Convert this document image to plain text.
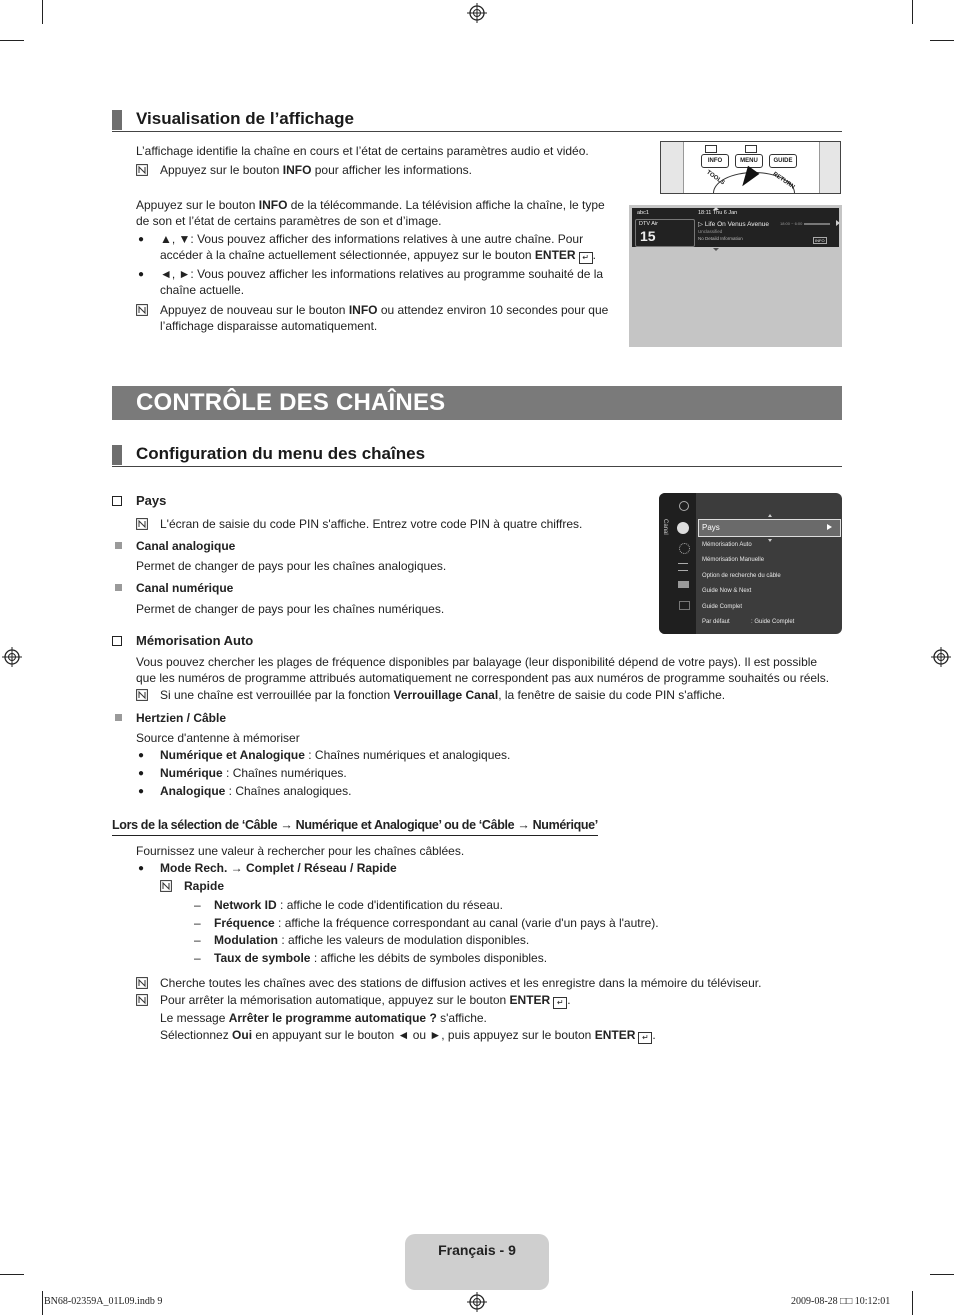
Visualisation de l’affichage
L’affichage identifie la chaîne en cours et l’état de certains paramètres audio et vidéo.
Appuyez sur le bouton INFO pour afficher les informations.
Appuyez sur le bouton INFO de la télécommande. La télévision affiche la chaîne, le type
de son et l’état de certains paramètres de son et d’image.
● ▲, ▼: Vous pouvez afficher des informations relatives à une autre chaîne. Pour
accéder à la chaîne actuellement sélectionnée, appuyez sur le bouton ENTER ↵ .
● ◄, ►: Vous pouvez afficher les informations relatives au programme souhaité de la
chaîne actuelle.
Appuyez de nouveau sur le bouton INFO ou attendez environ 10 secondes pour que
l’affichage disparaisse automatiquement.
INFO	MENU	GUIDE
TOOLS	RETURN
abc1
DTV Air
15
18:11 Thu 6 Jan
▷ Life On Venus Avenue
Unclassified
No Detaild Information
18:00 ~ 6:00
INFO
CONTRÔLE DES CHAÎNES
Configuration du menu des chaînes
Pays
L'écran de saisie du code PIN s'affiche. Entrez votre code PIN à quatre chiffres.
Canal analogique
Permet de changer de pays pour les chaînes analogiques.
Canal numérique
Permet de changer de pays pour les chaînes numériques.
Canal	Pays
Mémorisation Auto
Mémorisation Manuelle
Option de recherche du câble
Guide Now & Next
Guide Complet
Par défaut	: Guide Complet
Mémorisation Auto
Vous pouvez chercher les plages de fréquence disponibles par balayage (leur disponibilité dépend de votre pays). Il est possible
que les numéros de programme attribués automatiquement ne correspondent pas aux numéros de programme souhaités ou réels.
Si une chaîne est verrouillée par la fonction Verrouillage Canal, la fenêtre de saisie du code PIN s'affiche.
Hertzien / Câble
Source d'antenne à mémoriser
● Numérique et Analogique : Chaînes numériques et analogiques.
● Numérique : Chaînes numériques.
● Analogique : Chaînes analogiques.
Lors de la sélection de ‘Câble → Numérique et Analogique’ ou de ‘Câble → Numérique’
Fournissez une valeur à rechercher pour les chaînes câblées.
● Mode Rech. → Complet / Réseau / Rapide
Rapide
– Network ID : affiche le code d'identification du réseau.
– Fréquence : affiche la fréquence correspondant au canal (varie d'un pays à l'autre).
– Modulation : affiche les valeurs de modulation disponibles.
– Taux de symbole : affiche les débits de symboles disponibles.
Cherche toutes les chaînes avec des stations de diffusion actives et les enregistre dans la mémoire du téléviseur.
Pour arrêter la mémorisation automatique, appuyez sur le bouton ENTER ↵ .
Le message Arrêter le programme automatique ? s'affiche.
Sélectionnez Oui en appuyant sur le bouton ◄ ou ►, puis appuyez sur le bouton ENTER ↵ .
Français - 9
BN68-02359A_01L09.indb 9	2009-08-28 □□ 10:12:01
